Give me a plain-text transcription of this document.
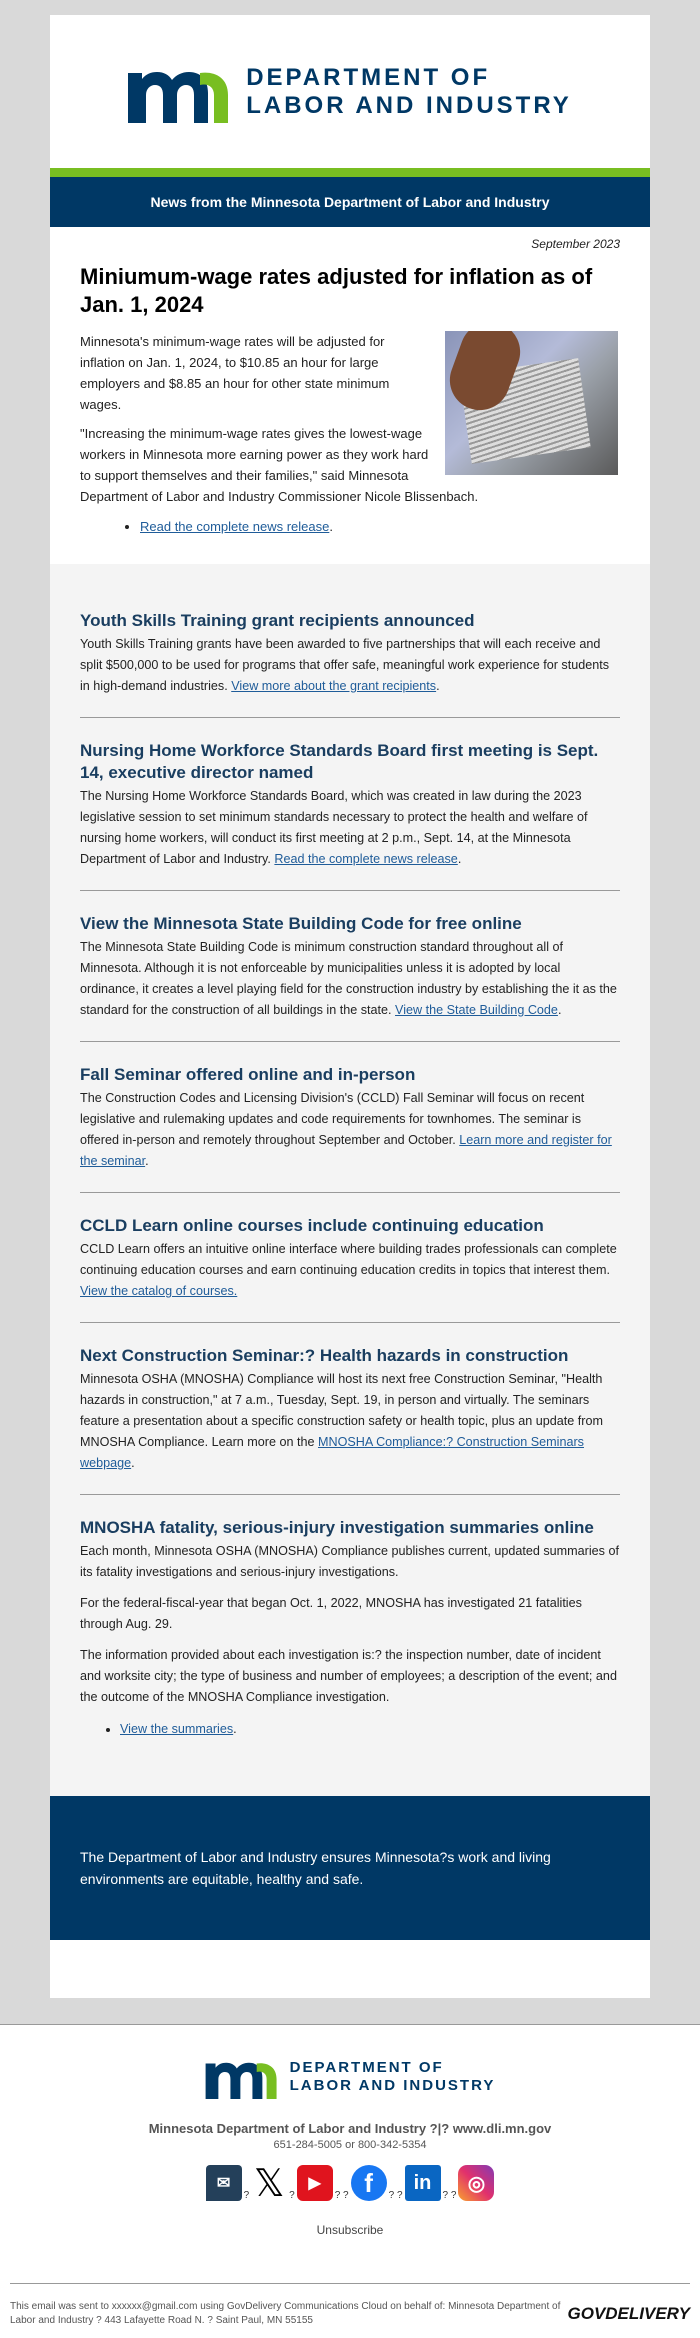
DEPARTMENT OF
LABOR AND INDUSTRY
News from the Minnesota Department of Labor and Industry
September 2023
Miniumum-wage rates adjusted for inflation as of Jan. 1, 2024

Minnesota's minimum-wage rates will be adjusted for inflation on Jan. 1, 2024, to $10.85 an hour for large employers and $8.85 an hour for other state minimum wages.

"Increasing the minimum-wage rates gives the lowest-wage workers in Minnesota more earning power as they work hard to support themselves and their families," said Minnesota Department of Labor and Industry Commissioner Nicole Blissenbach.

• Read the complete news release.
Youth Skills Training grant recipients announced

Youth Skills Training grants have been awarded to five partnerships that will each receive and split $500,000 to be used for programs that offer safe, meaningful work experience for students in high-demand industries. View more about the grant recipients.

Nursing Home Workforce Standards Board first meeting is Sept. 14, executive director named

The Nursing Home Workforce Standards Board, which was created in law during the 2023 legislative session to set minimum standards necessary to protect the health and welfare of nursing home workers, will conduct its first meeting at 2 p.m., Sept. 14, at the Minnesota Department of Labor and Industry. Read the complete news release.

View the Minnesota State Building Code for free online

The Minnesota State Building Code is minimum construction standard throughout all of Minnesota. Although it is not enforceable by municipalities unless it is adopted by local ordinance, it creates a level playing field for the construction industry by establishing the it as the standard for the construction of all buildings in the state. View the State Building Code.

Fall Seminar offered online and in-person

The Construction Codes and Licensing Division's (CCLD) Fall Seminar will focus on recent legislative and rulemaking updates and code requirements for townhomes. The seminar is offered in-person and remotely throughout September and October. Learn more and register for the seminar.

CCLD Learn online courses include continuing education

CCLD Learn offers an intuitive online interface where building trades professionals can complete continuing education courses and earn continuing education credits in topics that interest them. View the catalog of courses.

Next Construction Seminar:? Health hazards in construction

Minnesota OSHA (MNOSHA) Compliance will host its next free Construction Seminar, "Health hazards in construction," at 7 a.m., Tuesday, Sept. 19, in person and virtually. The seminars feature a presentation about a specific construction safety or health topic, plus an update from MNOSHA Compliance. Learn more on the MNOSHA Compliance:? Construction Seminars webpage.

MNOSHA fatality, serious-injury investigation summaries online

Each month, Minnesota OSHA (MNOSHA) Compliance publishes current, updated summaries of its fatality investigations and serious-injury investigations.

For the federal-fiscal-year that began Oct. 1, 2022, MNOSHA has investigated 21 fatalities through Aug. 29.

The information provided about each investigation is:? the inspection number, date of incident and worksite city; the type of business and number of employees; a description of the event; and the outcome of the MNOSHA Compliance investigation.

• View the summaries.
The Department of Labor and Industry ensures Minnesota?s work and living environments are equitable, healthy and safe.
DEPARTMENT OF
LABOR AND INDUSTRY
Minnesota Department of Labor and Industry ?|? www.dli.mn.gov
651-284-5005 or 800-342-5354
✉
? 𝕏 ?
▶
? ? f	? ?
in
? ?
◎
Unsubscribe

This email was sent to xxxxxx@gmail.com using GovDelivery Communications Cloud on behalf of: Minnesota Department of Labor and Industry ? 443 Lafayette Road N. ? Saint Paul, MN 55155	GOVDELIVERY
